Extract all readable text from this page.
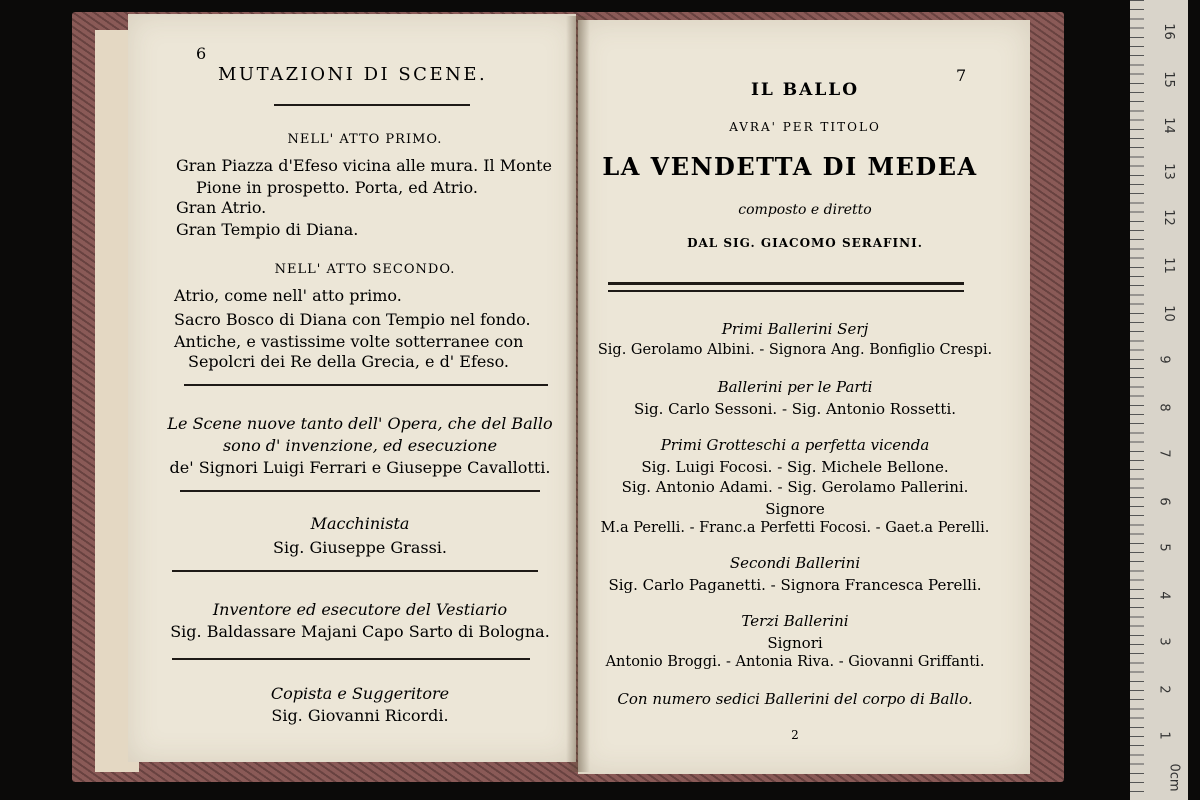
6
MUTAZIONI DI SCENE.
NELL' ATTO PRIMO.
Gran Piazza d'Efeso vicina alle mura. Il Monte
Pione in prospetto. Porta, ed Atrio.
Gran Atrio.
Gran Tempio di Diana.
NELL' ATTO SECONDO.
Atrio, come nell' atto primo.
Sacro Bosco di Diana con Tempio nel fondo.
Antiche, e vastissime volte sotterranee con
Sepolcri dei Re della Grecia, e d' Efeso.
Le Scene nuove tanto dell' Opera, che del Ballo
sono d' invenzione, ed esecuzione
de' Signori Luigi Ferrari e Giuseppe Cavallotti.
Macchinista
Sig. Giuseppe Grassi.
Inventore ed esecutore del Vestiario
Sig. Baldassare Majani Capo Sarto di Bologna.
Copista e Suggeritore
Sig. Giovanni Ricordi.
7
IL BALLO
AVRA' PER TITOLO
LA VENDETTA DI MEDEA
composto e diretto
DAL SIG. GIACOMO SERAFINI.
Primi Ballerini Serj
Sig. Gerolamo Albini. - Signora Ang. Bonfiglio Crespi.
Ballerini per le Parti
Sig. Carlo Sessoni. - Sig. Antonio Rossetti.
Primi Grotteschi a perfetta vicenda
Sig. Luigi Focosi. - Sig. Michele Bellone.
Sig. Antonio Adami. - Sig. Gerolamo Pallerini.
Signore
M.a Perelli. - Franc.a Perfetti Focosi. - Gaet.a Perelli.
Secondi Ballerini
Sig. Carlo Paganetti. - Signora Francesca Perelli.
Terzi Ballerini
Signori
Antonio Broggi. - Antonia Riva. - Giovanni Griffanti.
Con numero sedici Ballerini del corpo di Ballo.
2
16
15
14
13
12
11
10
9
8
7
6
5
4
3
2
1
0cm
